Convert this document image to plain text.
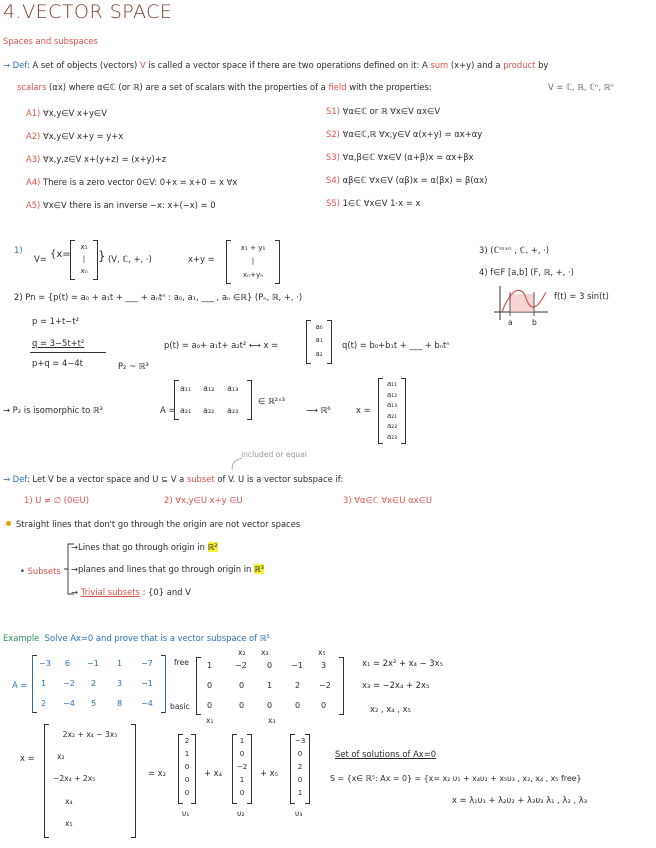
4.VECTOR SPACE
Spaces and subspaces
→ Def: A set of objects (vectors) V is called a vector space if there are two operations defined on it: A sum (x+y) and a product by
scalars (αx) where α∈ℂ (or ℝ) are a set of scalars with the properties of a field with the properties:	V = ℂ, ℝ, ℂⁿ, ℝⁿ
A1) ∀x,y∈V x+y∈V
A2) ∀x,y∈V x+y = y+x
A3) ∀x,y,z∈V x+(y+z) = (x+y)+z
A4) There is a zero vector 0∈V: 0+x = x+0 = x ∀x
A5) ∀x∈V there is an inverse −x: x+(−x) = 0
S1) ∀α∈ℂ or ℝ ∀x∈V αx∈V
S2) ∀α∈ℂ,ℝ ∀x,y∈V α(x+y) = αx+αy
S3) ∀α,β∈ℂ ∀x∈V (α+β)x = αx+βx
S4) αβ∈ℂ ∀x∈V (αβ)x = α(βx) = β(αx)
S5) 1∈ℂ ∀x∈V 1·x = x
1)
V= {x=
x₁
|
xₙ
} (V, ℂ, +, ·)	x+y =
x₁ + y₁
|
xₙ+yₙ
3) (ℂᵐˣⁿ , ℂ, +, ·)
4) f∈F [a,b] (F, ℝ, +, ·)
a	b
f(t) = 3 sin(t)
2) Pn = {p(t) = a₀ + a₁t + ___ + aₙtⁿ : a₀, a₁, ___ , aₙ ∈ℝ} (Pₙ, ℝ, +, ·)
p = 1+t−t²
q = 3−5t+t²
p+q = 4−4t	P₂ ~ ℝ³
p(t) = a₀+ a₁t+ a₂t² ⟷ x =
a₀
a₁
a₂
q(t) = b₀+b₁t + ___ + bₙtⁿ
→ P₂ is isomorphic to ℝ³	A =
a₁₁ a₁₂ a₁₃
a₂₁ a₂₂ a₂₃
∈ ℝ²ˣ³
⟶ ℝ⁶	x =
a₁₁
a₁₂
a₁₃
a₂₁
a₂₂
a₂₃
included or equal
→ Def: Let V be a vector space and U ⊆ V a subset of V. U is a vector subspace if:
1) U ≠ ∅ (0∈U)	2) ∀x,y∈U x+y ∈U	3) ∀α∈ℂ ∀x∈U αx∈U
Straight lines that don't go through the origin are not vector spaces
• Subsets
→Lines that go through origin in ℝ²
→planes and lines that go through origin in ℝ³
→ Trivial subsets : {0} and V
Example Solve Ax=0 and prove that is a vector subspace of ℝ⁵
A =
−3 6 −1 1 −7
1 −2 2	3 −1
2 −4 5	8 −4
free
basic
x₂ x₃	x₅
1	−2	0 −1 3
0	0	1	2 −2
0	0	0	0	0
x₁	x₃
x₁ = 2x² + x₄ − 3x₅
x₃ = −2x₄ + 2x₅
x₂ , x₄ , x₅
x =
2x₂ + x₄ − 3x₅
x₂
−2x₄ + 2x₅
x₄
x₅
= x₂
2
1
0
0
0
υ₁
+ x₄
1
0
−2
1
0
υ₂
+ x₅
−3
0
2
0
1
υ₃
Set of solutions of Ax=0
S = {x∈ ℝ⁵: Ax = 0} = {x= x₂ υ₁ + x₄υ₂ + x₅υ₃ , x₂, x₄ , x₅ free}
x = λ₁υ₁ + λ₂υ₂ + λ₃υ₃ λ₁ , λ₂ , λ₃
